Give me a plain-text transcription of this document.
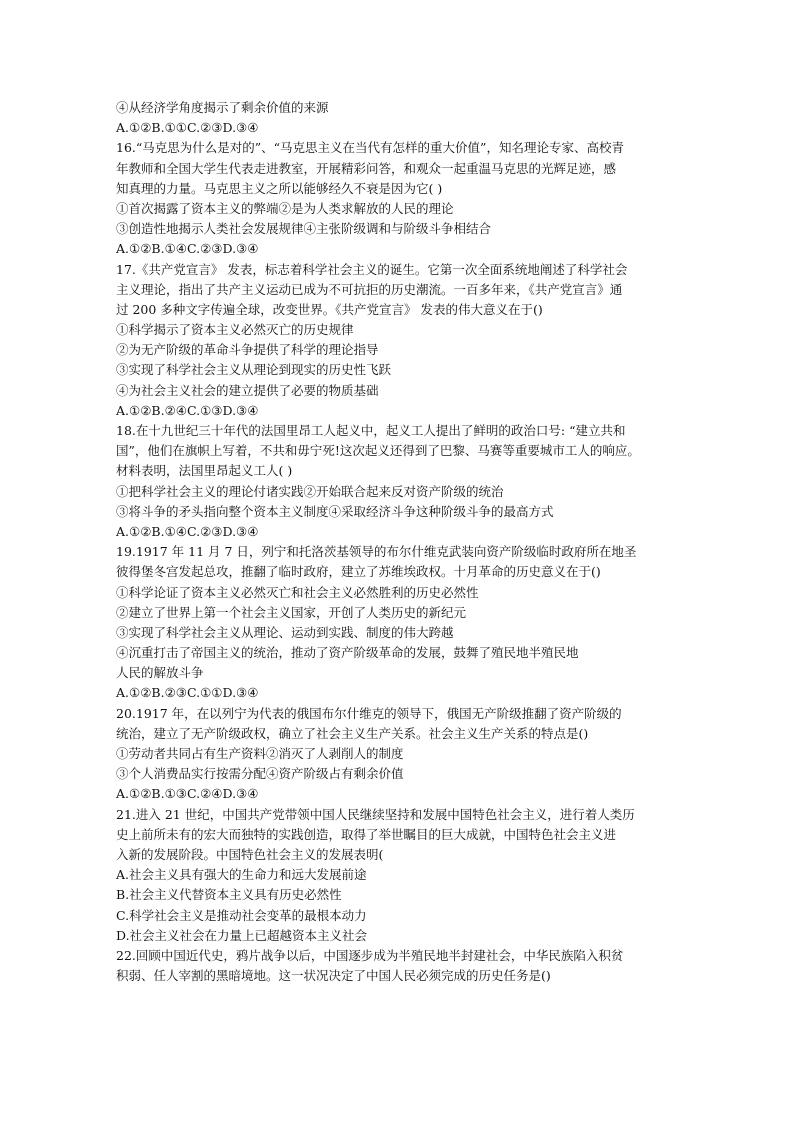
④从经济学角度揭示了剩余价值的来源
A.①②B.①①C.②③D.③④
16.“马克思为什么是对的”、“马克思主义在当代有怎样的重大价值”，知名理论专家、高校青
年教师和全国大学生代表走进教室，开展精彩问答，和观众一起重温马克思的光辉足迹，感
知真理的力量。马克思主义之所以能够经久不衰是因为它( )
①首次揭露了资本主义的弊端②是为人类求解放的人民的理论
③创造性地揭示人类社会发展规律④主张阶级调和与阶级斗争相结合
A.①②B.①④C.②③D.③④
17.《共产党宣言》 发表，标志着科学社会主义的诞生。它第一次全面系统地阐述了科学社会
主义理论，指出了共产主义运动已成为不可抗拒的历史潮流。一百多年来，《共产党宣言》通
过 200 多种文字传遍全球，改变世界。《共产党宣言》 发表的伟大意义在于()
①科学揭示了资本主义必然灭亡的历史规律
②为无产阶级的革命斗争提供了科学的理论指导
③实现了科学社会主义从理论到现实的历史性飞跃
④为社会主义社会的建立提供了必要的物质基础
A.①②B.②④C.①③D.③④
18.在十九世纪三十年代的法国里昂工人起义中，起义工人提出了鲜明的政治口号: “建立共和
国”，他们在旗帜上写着，不共和毋宁死!这次起义还得到了巴黎、马赛等重要城市工人的响应。
材料表明，法国里昂起义工人( )
①把科学社会主义的理论付诸实践②开始联合起来反对资产阶级的统治
③将斗争的矛头指向整个资本主义制度④采取经济斗争这种阶级斗争的最高方式
A.①②B.①④C.②③D.③④
19.1917 年 11 月 7 日，列宁和托洛茨基领导的布尔什维克武装向资产阶级临时政府所在地圣
彼得堡冬宫发起总攻，推翻了临时政府，建立了苏维埃政权。十月革命的历史意义在于()
①科学论证了资本主义必然灭亡和社会主义必然胜利的历史必然性
②建立了世界上第一个社会主义国家，开创了人类历史的新纪元
③实现了科学社会主义从理论、运动到实践、制度的伟大跨越
④沉重打击了帝国主义的统治，推动了资产阶级革命的发展，鼓舞了殖民地半殖民地
人民的解放斗争
A.①②B.②③C.①①D.③④
20.1917 年，在以列宁为代表的俄国布尔什维克的领导下，俄国无产阶级推翻了资产阶级的
统治，建立了无产阶级政权，确立了社会主义生产关系。社会主义生产关系的特点是()
①劳动者共同占有生产资料②消灭了人剥削人的制度
③个人消费品实行按需分配④资产阶级占有剩余价值
A.①②B.①③C.②④D.③④
21.进入 21 世纪，中国共产党带领中国人民继续坚持和发展中国特色社会主义，进行着人类历
史上前所未有的宏大而独特的实践创造，取得了举世瞩目的巨大成就，中国特色社会主义进
入新的发展阶段。中国特色社会主义的发展表明(
A.社会主义具有强大的生命力和远大发展前途
B.社会主义代替资本主义具有历史必然性
C.科学社会主义是推动社会变革的最根本动力
D.社会主义社会在力量上已超越资本主义社会
22.回顾中国近代史，鸦片战争以后，中国逐步成为半殖民地半封建社会，中华民族陷入积贫
积弱、任人宰割的黑暗境地。这一状况决定了中国人民必须完成的历史任务是()
